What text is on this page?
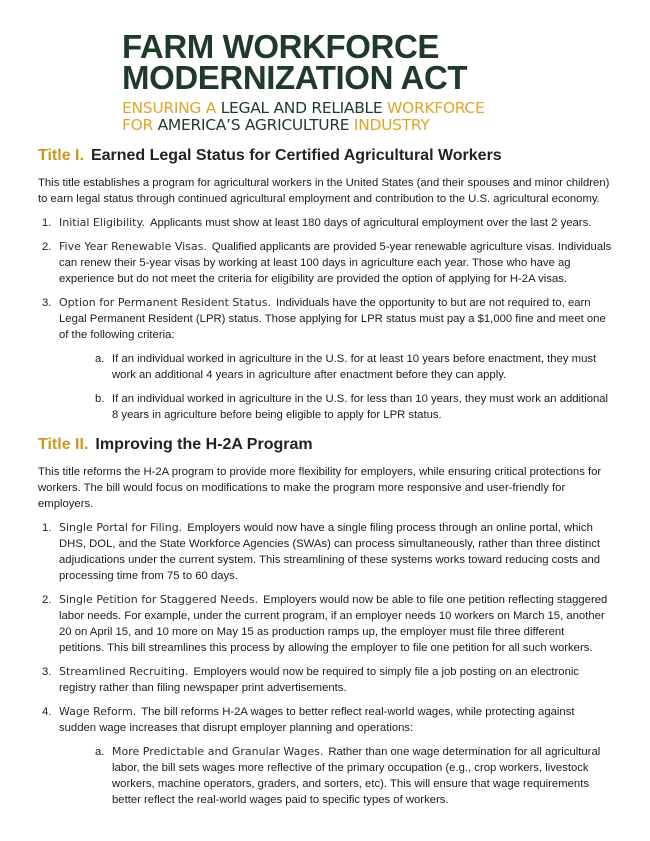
FARM WORKFORCE
MODERNIZATION ACT
ENSURING A LEGAL AND RELIABLE WORKFORCE
FOR AMERICA’S AGRICULTURE INDUSTRY
Title I. Earned Legal Status for Certified Agricultural Workers

This title establishes a program for agricultural workers in the United States (and their spouses and minor children) to earn legal status through continued agricultural employment and contribution to the U.S. agricultural economy.

1. Initial Eligibility. Applicants must show at least 180 days of agricultural employment over the last 2 years.
2. Five Year Renewable Visas. Qualified applicants are provided 5-year renewable agriculture visas. Individuals can renew their 5-year visas by working at least 100 days in agriculture each year. Those who have ag experience but do not meet the criteria for eligibility are provided the option of applying for H-2A visas.
3. Option for Permanent Resident Status. Individuals have the opportunity to but are not required to, earn Legal Permanent Resident (LPR) status. Those applying for LPR status must pay a $1,000 fine and meet one of the following criteria:
a. If an individual worked in agriculture in the U.S. for at least 10 years before enactment, they must work an additional 4 years in agriculture after enactment before they can apply.
b. If an individual worked in agriculture in the U.S. for less than 10 years, they must work an additional 8 years in agriculture before being eligible to apply for LPR status.
Title II. Improving the H-2A Program

This title reforms the H-2A program to provide more flexibility for employers, while ensuring critical protections for workers. The bill would focus on modifications to make the program more responsive and user-friendly for employers.

1. Single Portal for Filing. Employers would now have a single filing process through an online portal, which DHS, DOL, and the State Workforce Agencies (SWAs) can process simultaneously, rather than three distinct adjudications under the current system. This streamlining of these systems works toward reducing costs and processing time from 75 to 60 days.
2. Single Petition for Staggered Needs. Employers would now be able to file one petition reflecting staggered labor needs. For example, under the current program, if an employer needs 10 workers on March 15, another 20 on April 15, and 10 more on May 15 as production ramps up, the employer must file three different petitions. This bill streamlines this process by allowing the employer to file one petition for all such workers.
3. Streamlined Recruiting. Employers would now be required to simply file a job posting on an electronic registry rather than filing newspaper print advertisements.
4. Wage Reform. The bill reforms H-2A wages to better reflect real-world wages, while protecting against sudden wage increases that disrupt employer planning and operations:
a. More Predictable and Granular Wages. Rather than one wage determination for all agricultural labor, the bill sets wages more reflective of the primary occupation (e.g., crop workers, livestock workers, machine operators, graders, and sorters, etc). This will ensure that wage requirements better reflect the real-world wages paid to specific types of workers.
